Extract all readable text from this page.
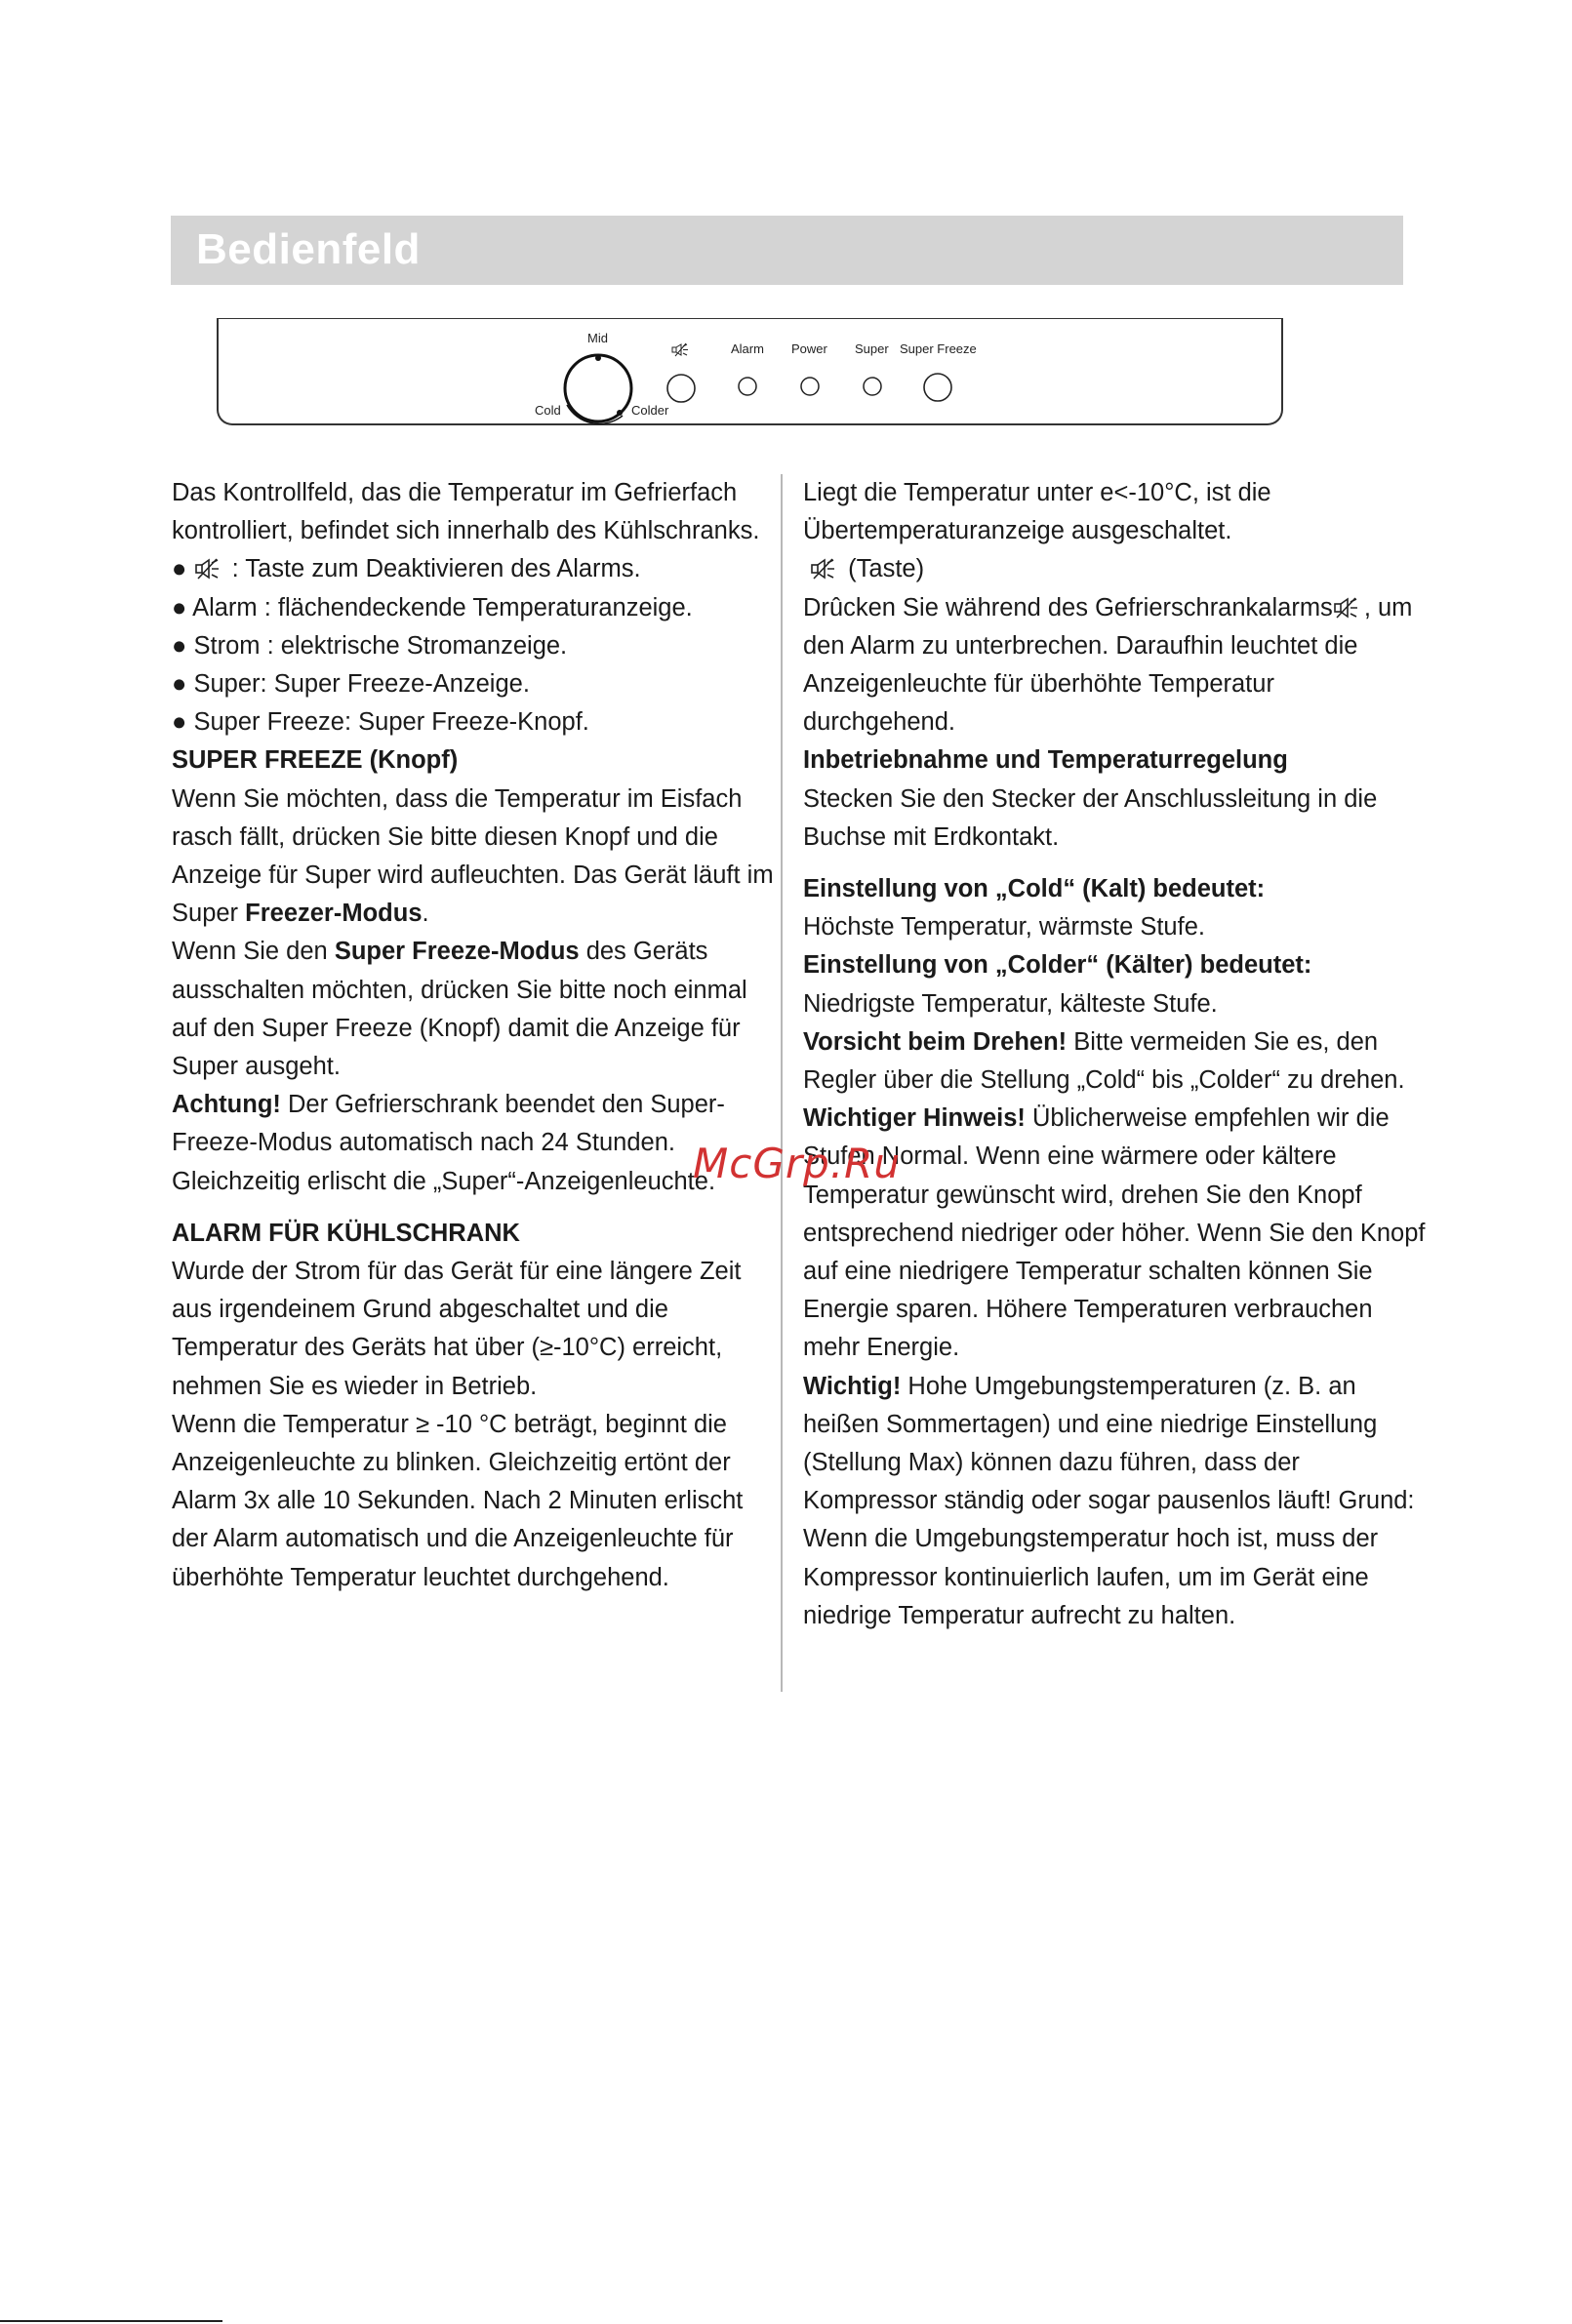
Bedienfeld
Mid
Cold	Colder
Alarm Power Super Super Freeze

Das Kontrollfeld, das die Temperatur im Gefrierfach kontrolliert, befindet sich innerhalb des Kühlschranks.

●  : Taste zum Deaktivieren des Alarms.

● Alarm : flächendeckende Temperaturanzeige.

● Strom : elektrische Stromanzeige.

● Super: Super Freeze-Anzeige.

● Super Freeze: Super Freeze-Knopf.

SUPER FREEZE (Knopf)

Wenn Sie möchten, dass die Temperatur im Eisfach rasch fällt, drücken Sie bitte diesen Knopf und die Anzeige für Super wird aufleuchten. Das Gerät läuft im Super Freezer-Modus.

Wenn Sie den Super Freeze-Modus des Geräts ausschalten möchten, drücken Sie bitte noch einmal auf den Super Freeze (Knopf) damit die Anzeige für Super ausgeht.

Achtung! Der Gefrierschrank beendet den Super-Freeze-Modus automatisch nach 24 Stunden. Gleichzeitig erlischt die „Super“-Anzeigenleuchte.

ALARM FÜR KÜHLSCHRANK

Wurde der Strom für das Gerät für eine längere Zeit aus irgendeinem Grund abgeschaltet und die Temperatur des Geräts hat über (≥-10°C) erreicht, nehmen Sie es wieder in Betrieb.

Wenn die Temperatur ≥ -10 °C beträgt, beginnt die Anzeigenleuchte zu blinken. Gleichzeitig ertönt der Alarm 3x alle 10 Sekunden. Nach 2 Minuten erlischt der Alarm automatisch und die Anzeigenleuchte für überhöhte Temperatur leuchtet durchgehend.

Liegt die Temperatur unter e<-10°C, ist die Übertemperaturanzeige ausgeschaltet.

(Taste)

Drûcken Sie während des Gefrierschrankalarms , um den Alarm zu unterbrechen. Daraufhin leuchtet die Anzeigenleuchte für überhöhte Temperatur durchgehend.

Inbetriebnahme und Temperaturregelung

Stecken Sie den Stecker der Anschlussleitung in die Buchse mit Erdkontakt.

Einstellung von „Cold“ (Kalt) bedeutet:

Höchste Temperatur, wärmste Stufe.

Einstellung von „Colder“ (Kälter) bedeutet:

Niedrigste Temperatur, kälteste Stufe.

Vorsicht beim Drehen! Bitte vermeiden Sie es, den Regler über die Stellung „Cold“ bis „Colder“ zu drehen.

Wichtiger Hinweis! Üblicherweise empfehlen wir die Stufen Normal. Wenn eine wärmere oder kältere Temperatur gewünscht wird, drehen Sie den Knopf entsprechend niedriger oder höher. Wenn Sie den Knopf auf eine niedrigere Temperatur schalten können Sie Energie sparen. Höhere Temperaturen verbrauchen mehr Energie.

Wichtig! Hohe Umgebungstemperaturen (z. B. an heißen Sommertagen) und eine niedrige Einstellung (Stellung Max) können dazu führen, dass der Kompressor ständig oder sogar pausenlos läuft! Grund: Wenn die Umgebungstemperatur hoch ist, muss der Kompressor kontinuierlich laufen, um im Gerät eine niedrige Temperatur aufrecht zu halten.

McGrp.Ru
